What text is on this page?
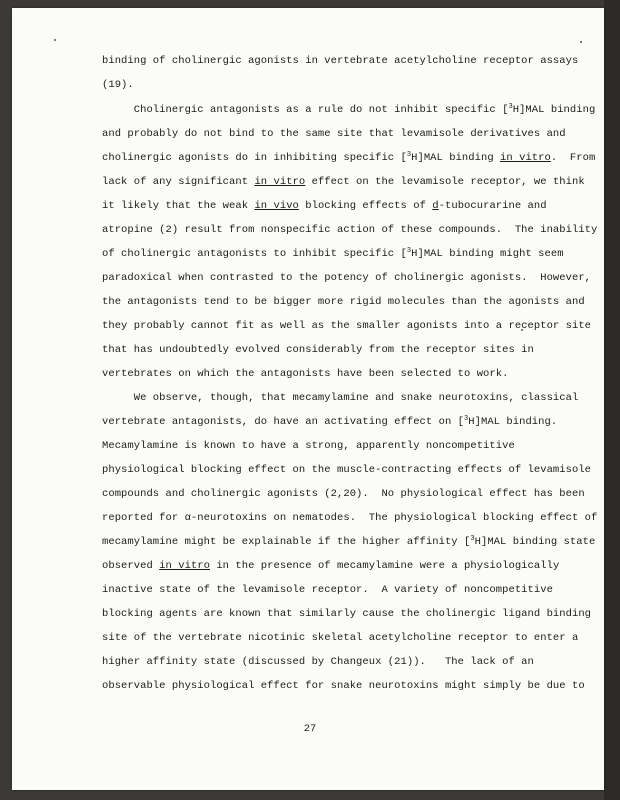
binding of cholinergic agonists in vertebrate acetylcholine receptor assays
(19).
Cholinergic antagonists as a rule do not inhibit specific [$^3$H]MAL binding
and probably do not bind to the same site that levamisole derivatives and
cholinergic agonists do in inhibiting specific [$^3$H]MAL binding in vitro.  From
lack of any significant in vitro effect on the levamisole receptor, we think
it likely that the weak in vivo blocking effects of d-tubocurarine and
atropine (2) result from nonspecific action of these compounds.  The inability
of cholinergic antagonists to inhibit specific [$^3$H]MAL binding might seem
paradoxical when contrasted to the potency of cholinergic agonists.  However,
the antagonists tend to be bigger more rigid molecules than the agonists and
they probably cannot fit as well as the smaller agonists into a receptor site
that has undoubtedly evolved considerably from the receptor sites in
vertebrates on which the antagonists have been selected to work.
We observe, though, that mecamylamine and snake neurotoxins, classical
vertebrate antagonists, do have an activating effect on [$^3$H]MAL binding.
Mecamylamine is known to have a strong, apparently noncompetitive
physiological blocking effect on the muscle-contracting effects of levamisole
compounds and cholinergic agonists (2,20).  No physiological effect has been
reported for α-neurotoxins on nematodes.  The physiological blocking effect of
mecamylamine might be explainable if the higher affinity [$^3$H]MAL binding state
observed in vitro in the presence of mecamylamine were a physiologically
inactive state of the levamisole receptor.  A variety of noncompetitive
blocking agents are known that similarly cause the cholinergic ligand binding
site of the vertebrate nicotinic skeletal acetylcholine receptor to enter a
higher affinity state (discussed by Changeux (21)).   The lack of an
observable physiological effect for snake neurotoxins might simply be due to
27
